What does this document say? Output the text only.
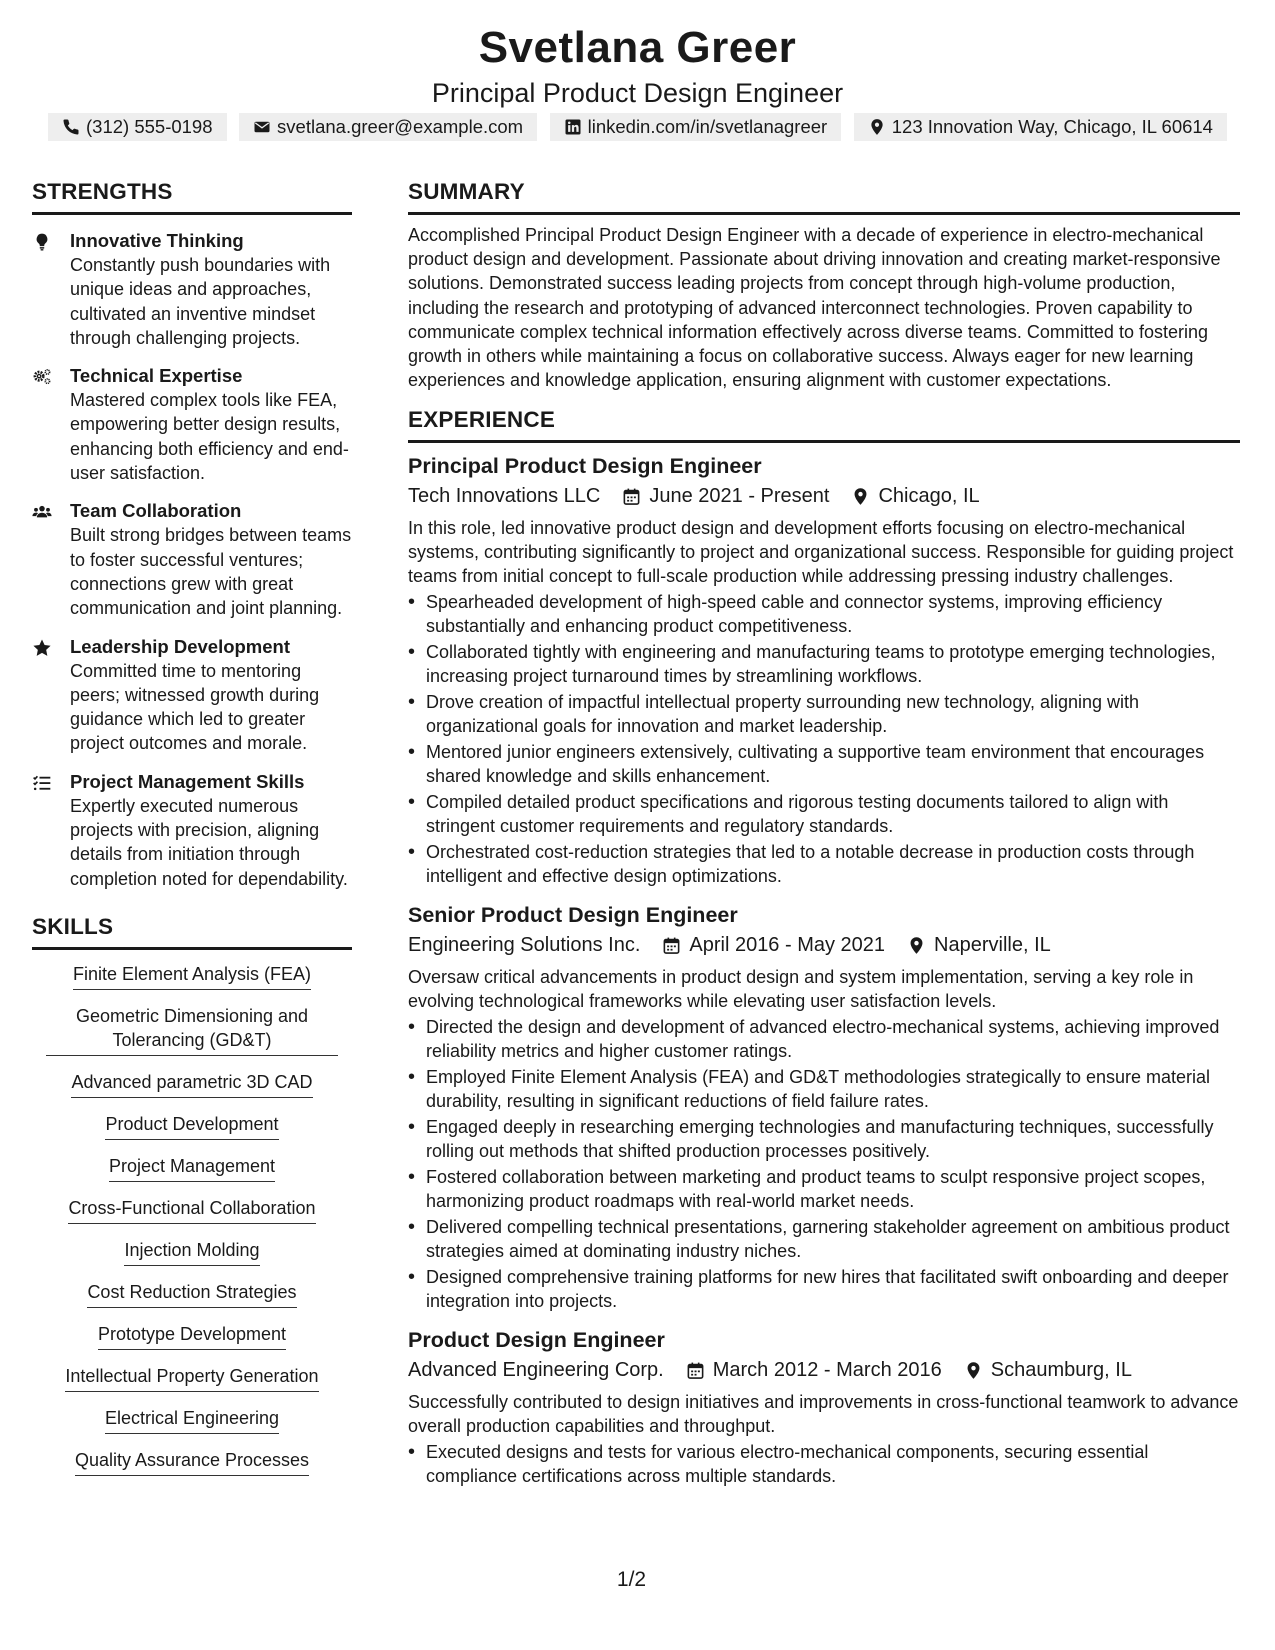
Svetlana Greer
Principal Product Design Engineer
(312) 555-0198	svetlana.greer@example.com	linkedin.com/in/svetlanagreer	123 Innovation Way, Chicago, IL 60614
STRENGTHS
Innovative Thinking
Constantly push boundaries with unique ideas and approaches, cultivated an inventive mindset through challenging projects.
Technical Expertise
Mastered complex tools like FEA, empowering better design results, enhancing both efficiency and end-user satisfaction.
Team Collaboration
Built strong bridges between teams to foster successful ventures; connections grew with great communication and joint planning.
Leadership Development
Committed time to mentoring peers; witnessed growth during guidance which led to greater project outcomes and morale.
Project Management Skills
Expertly executed numerous projects with precision, aligning details from initiation through completion noted for dependability.
SKILLS
Finite Element Analysis (FEA)
Geometric Dimensioning and Tolerancing (GD&T)
Advanced parametric 3D CAD
Product Development
Project Management
Cross-Functional Collaboration
Injection Molding
Cost Reduction Strategies
Prototype Development
Intellectual Property Generation
Electrical Engineering
Quality Assurance Processes
SUMMARY
Accomplished Principal Product Design Engineer with a decade of experience in electro-mechanical product design and development. Passionate about driving innovation and creating market-responsive solutions. Demonstrated success leading projects from concept through high-volume production, including the research and prototyping of advanced interconnect technologies. Proven capability to communicate complex technical information effectively across diverse teams. Committed to fostering growth in others while maintaining a focus on collaborative success. Always eager for new learning experiences and knowledge application, ensuring alignment with customer expectations.
EXPERIENCE
Principal Product Design Engineer
Tech Innovations LLC June 2021 - Present Chicago, IL
In this role, led innovative product design and development efforts focusing on electro-mechanical systems, contributing significantly to project and organizational success. Responsible for guiding project teams from initial concept to full-scale production while addressing pressing industry challenges.
• Spearheaded development of high-speed cable and connector systems, improving efficiency substantially and enhancing product competitiveness.
• Collaborated tightly with engineering and manufacturing teams to prototype emerging technologies, increasing project turnaround times by streamlining workflows.
• Drove creation of impactful intellectual property surrounding new technology, aligning with organizational goals for innovation and market leadership.
• Mentored junior engineers extensively, cultivating a supportive team environment that encourages shared knowledge and skills enhancement.
• Compiled detailed product specifications and rigorous testing documents tailored to align with stringent customer requirements and regulatory standards.
• Orchestrated cost-reduction strategies that led to a notable decrease in production costs through intelligent and effective design optimizations.
Senior Product Design Engineer
Engineering Solutions Inc. April 2016 - May 2021 Naperville, IL
Oversaw critical advancements in product design and system implementation, serving a key role in evolving technological frameworks while elevating user satisfaction levels.
• Directed the design and development of advanced electro-mechanical systems, achieving improved reliability metrics and higher customer ratings.
• Employed Finite Element Analysis (FEA) and GD&T methodologies strategically to ensure material durability, resulting in significant reductions of field failure rates.
• Engaged deeply in researching emerging technologies and manufacturing techniques, successfully rolling out methods that shifted production processes positively.
• Fostered collaboration between marketing and product teams to sculpt responsive project scopes, harmonizing product roadmaps with real-world market needs.
• Delivered compelling technical presentations, garnering stakeholder agreement on ambitious product strategies aimed at dominating industry niches.
• Designed comprehensive training platforms for new hires that facilitated swift onboarding and deeper integration into projects.
Product Design Engineer
Advanced Engineering Corp. March 2012 - March 2016 Schaumburg, IL
Successfully contributed to design initiatives and improvements in cross-functional teamwork to advance overall production capabilities and throughput.
• Executed designs and tests for various electro-mechanical components, securing essential compliance certifications across multiple standards.
1/2
